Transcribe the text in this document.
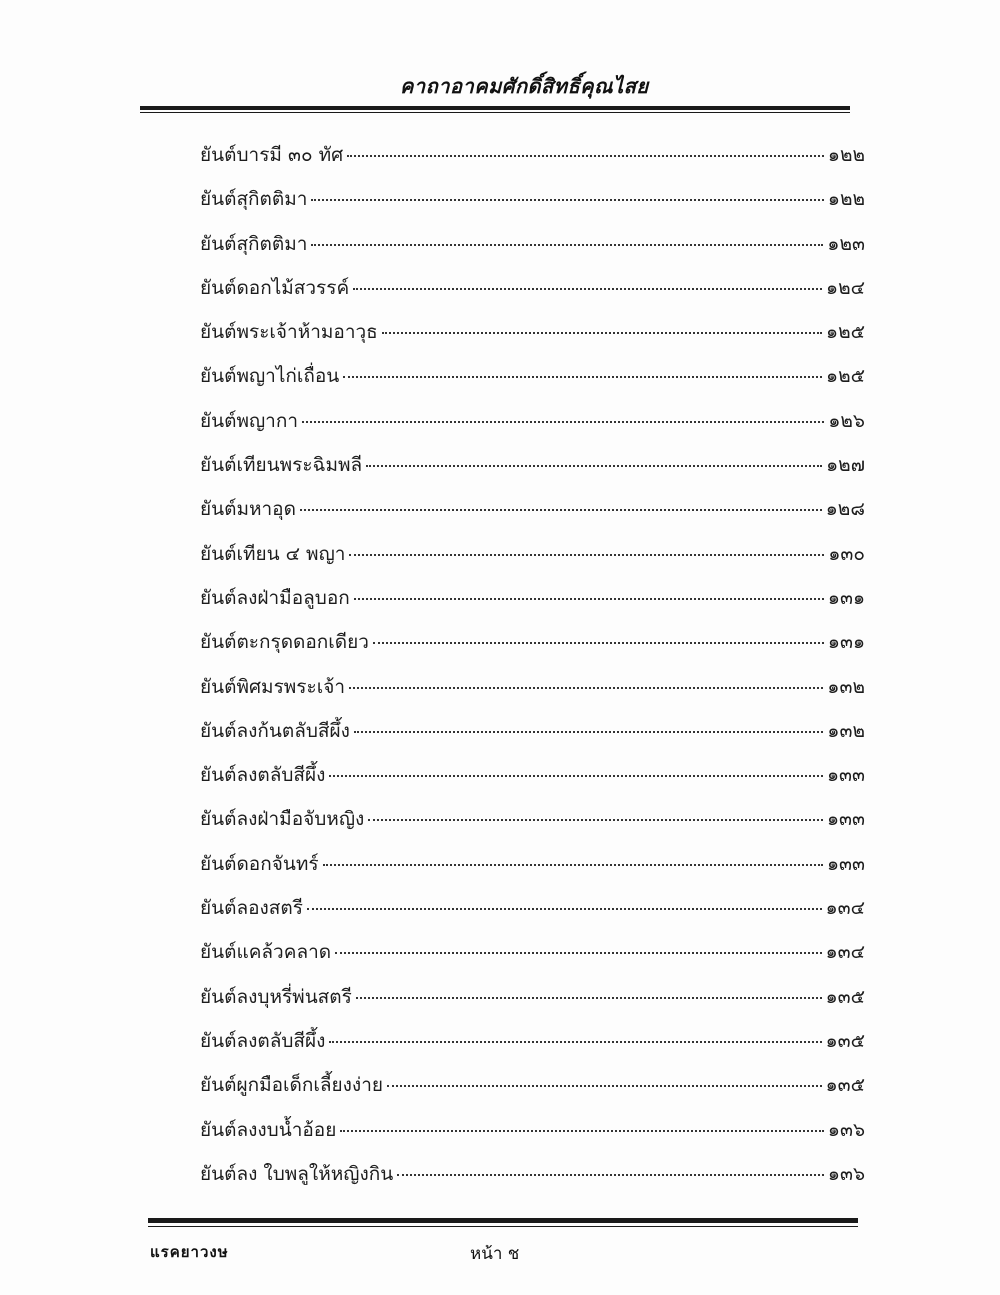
คาถาอาคมศักดิ์สิทธิ์คุณไสย
ยันต์บารมี ๓๐ ทัศ	๑๒๒
ยันต์สุกิตติมา	๑๒๒
ยันต์สุกิตติมา	๑๒๓
ยันต์ดอกไม้สวรรค์	๑๒๔
ยันต์พระเจ้าห้ามอาวุธ	๑๒๕
ยันต์พญาไก่เถื่อน	๑๒๕
ยันต์พญากา	๑๒๖
ยันต์เทียนพระฉิมพลี	๑๒๗
ยันต์มหาอุด	๑๒๘
ยันต์เทียน ๔ พญา	๑๓๐
ยันต์ลงฝ่ามือลูบอก	๑๓๑
ยันต์ตะกรุดดอกเดียว	๑๓๑
ยันต์พิศมรพระเจ้า	๑๓๒
ยันต์ลงก้นตลับสีผึ้ง	๑๓๒
ยันต์ลงตลับสีผึ้ง	๑๓๓
ยันต์ลงฝ่ามือจับหญิง	๑๓๓
ยันต์ดอกจันทร์	๑๓๓
ยันต์ลองสตรี	๑๓๔
ยันต์แคล้วคลาด	๑๓๔
ยันต์ลงบุหรี่พ่นสตรี	๑๓๕
ยันต์ลงตลับสีผึ้ง	๑๓๕
ยันต์ผูกมือเด็กเลี้ยงง่าย	๑๓๕
ยันต์ลงงบน้ำอ้อย	๑๓๖
ยันต์ลง ใบพลูให้หญิงกิน	๑๓๖
แรคยาวงษ	หน้า ช
